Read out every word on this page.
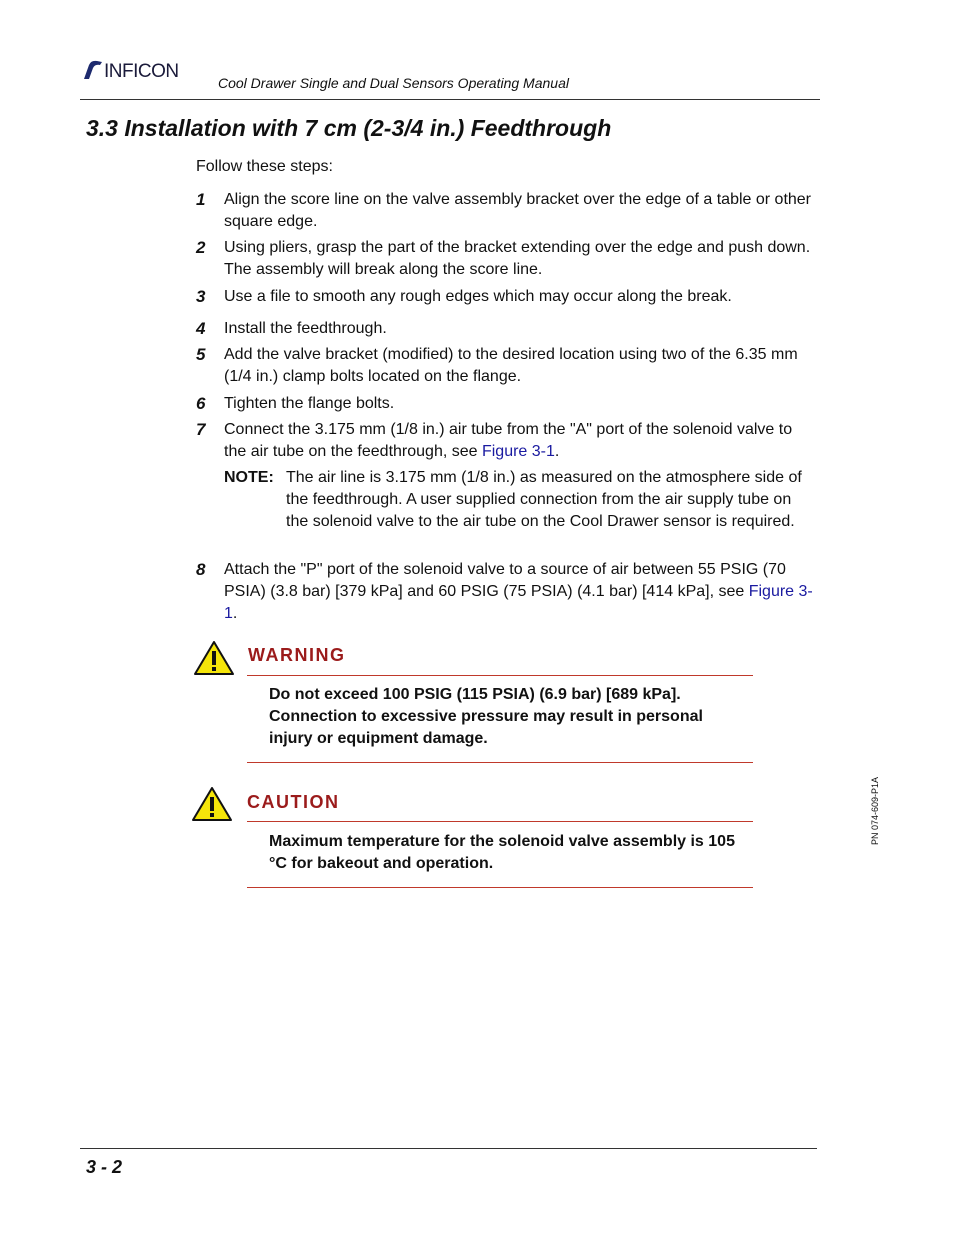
INFICON
Cool Drawer Single and Dual Sensors Operating Manual
3.3 Installation with 7 cm (2-3/4 in.) Feedthrough
Follow these steps:
1 Align the score line on the valve assembly bracket over the edge of a table or other square edge.
2 Using pliers, grasp the part of the bracket extending over the edge and push down. The assembly will break along the score line.
3 Use a file to smooth any rough edges which may occur along the break.
4 Install the feedthrough.
5 Add the valve bracket (modified) to the desired location using two of the 6.35 mm (1/4 in.) clamp bolts located on the flange.
6 Tighten the flange bolts.
7 Connect the 3.175 mm (1/8 in.) air tube from the "A" port of the solenoid valve to the air tube on the feedthrough, see Figure 3-1.
NOTE: The air line is 3.175 mm (1/8 in.) as measured on the atmosphere side of the feedthrough. A user supplied connection from the air supply tube on the solenoid valve to the air tube on the Cool Drawer sensor is required.
8 Attach the "P" port of the solenoid valve to a source of air between 55 PSIG (70 PSIA) (3.8 bar) [379 kPa] and 60 PSIG (75 PSIA) (4.1 bar) [414 kPa], see Figure 3-1.
WARNING
Do not exceed 100 PSIG (115 PSIA) (6.9 bar) [689 kPa]. Connection to excessive pressure may result in personal injury or equipment damage.
CAUTION
Maximum temperature for the solenoid valve assembly is 105 °C for bakeout and operation.
PN 074-609-P1A
3 - 2
